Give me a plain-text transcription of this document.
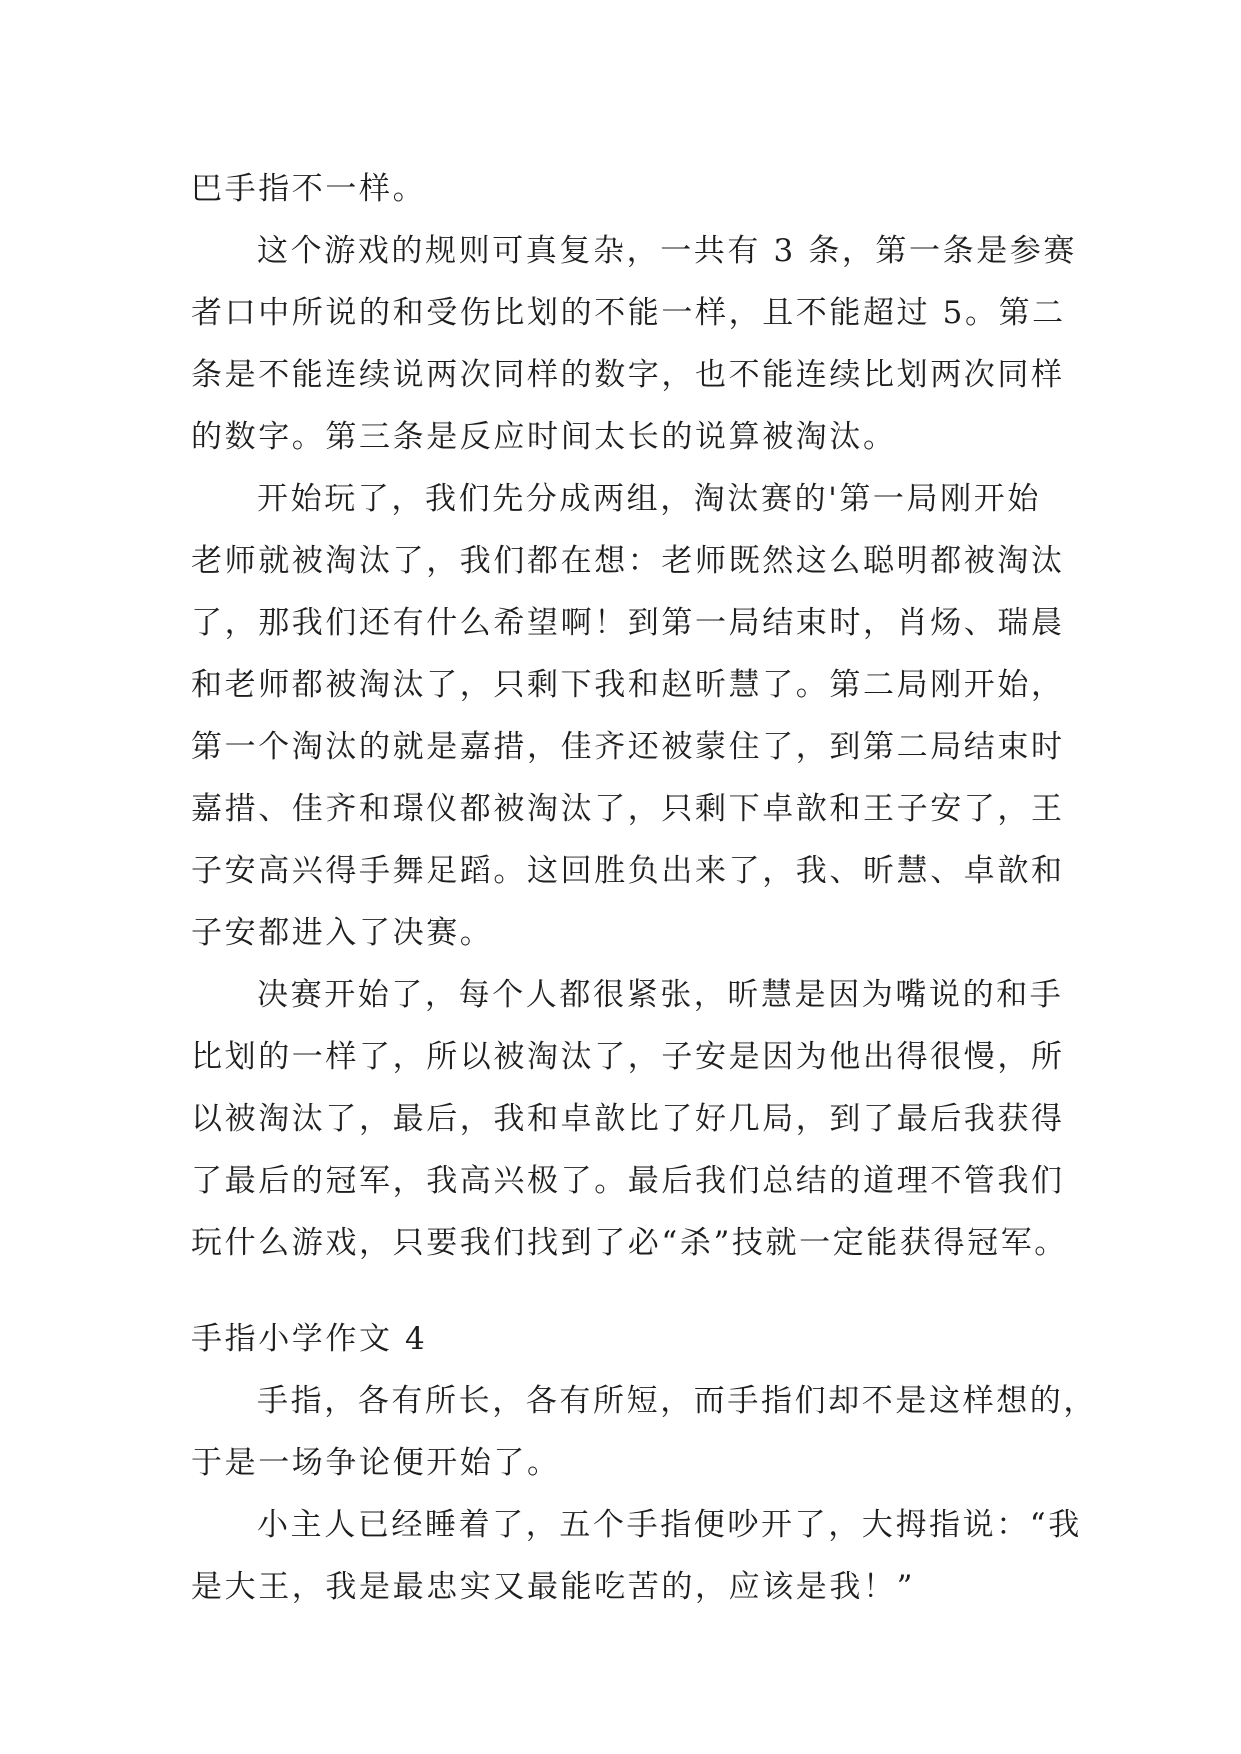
巴手指不一样。
这个游戏的规则可真复杂，一共有 3 条，第一条是参赛
者口中所说的和受伤比划的不能一样，且不能超过 5。第二
条是不能连续说两次同样的数字，也不能连续比划两次同样
的数字。第三条是反应时间太长的说算被淘汰。
开始玩了，我们先分成两组，淘汰赛的'第一局刚开始
老师就被淘汰了，我们都在想：老师既然这么聪明都被淘汰
了，那我们还有什么希望啊！到第一局结束时，肖炀、瑞晨
和老师都被淘汰了，只剩下我和赵昕慧了。第二局刚开始，
第一个淘汰的就是嘉措，佳齐还被蒙住了，到第二局结束时
嘉措、佳齐和璟仪都被淘汰了，只剩下卓歆和王子安了，王
子安高兴得手舞足蹈。这回胜负出来了，我、昕慧、卓歆和
子安都进入了决赛。
决赛开始了，每个人都很紧张，昕慧是因为嘴说的和手
比划的一样了，所以被淘汰了，子安是因为他出得很慢，所
以被淘汰了，最后，我和卓歆比了好几局，到了最后我获得
了最后的冠军，我高兴极了。最后我们总结的道理不管我们
玩什么游戏，只要我们找到了必“杀”技就一定能获得冠军。
手指小学作文 4
手指，各有所长，各有所短，而手指们却不是这样想的，
于是一场争论便开始了。
小主人已经睡着了，五个手指便吵开了，大拇指说：“我
是大王，我是最忠实又最能吃苦的，应该是我！”
